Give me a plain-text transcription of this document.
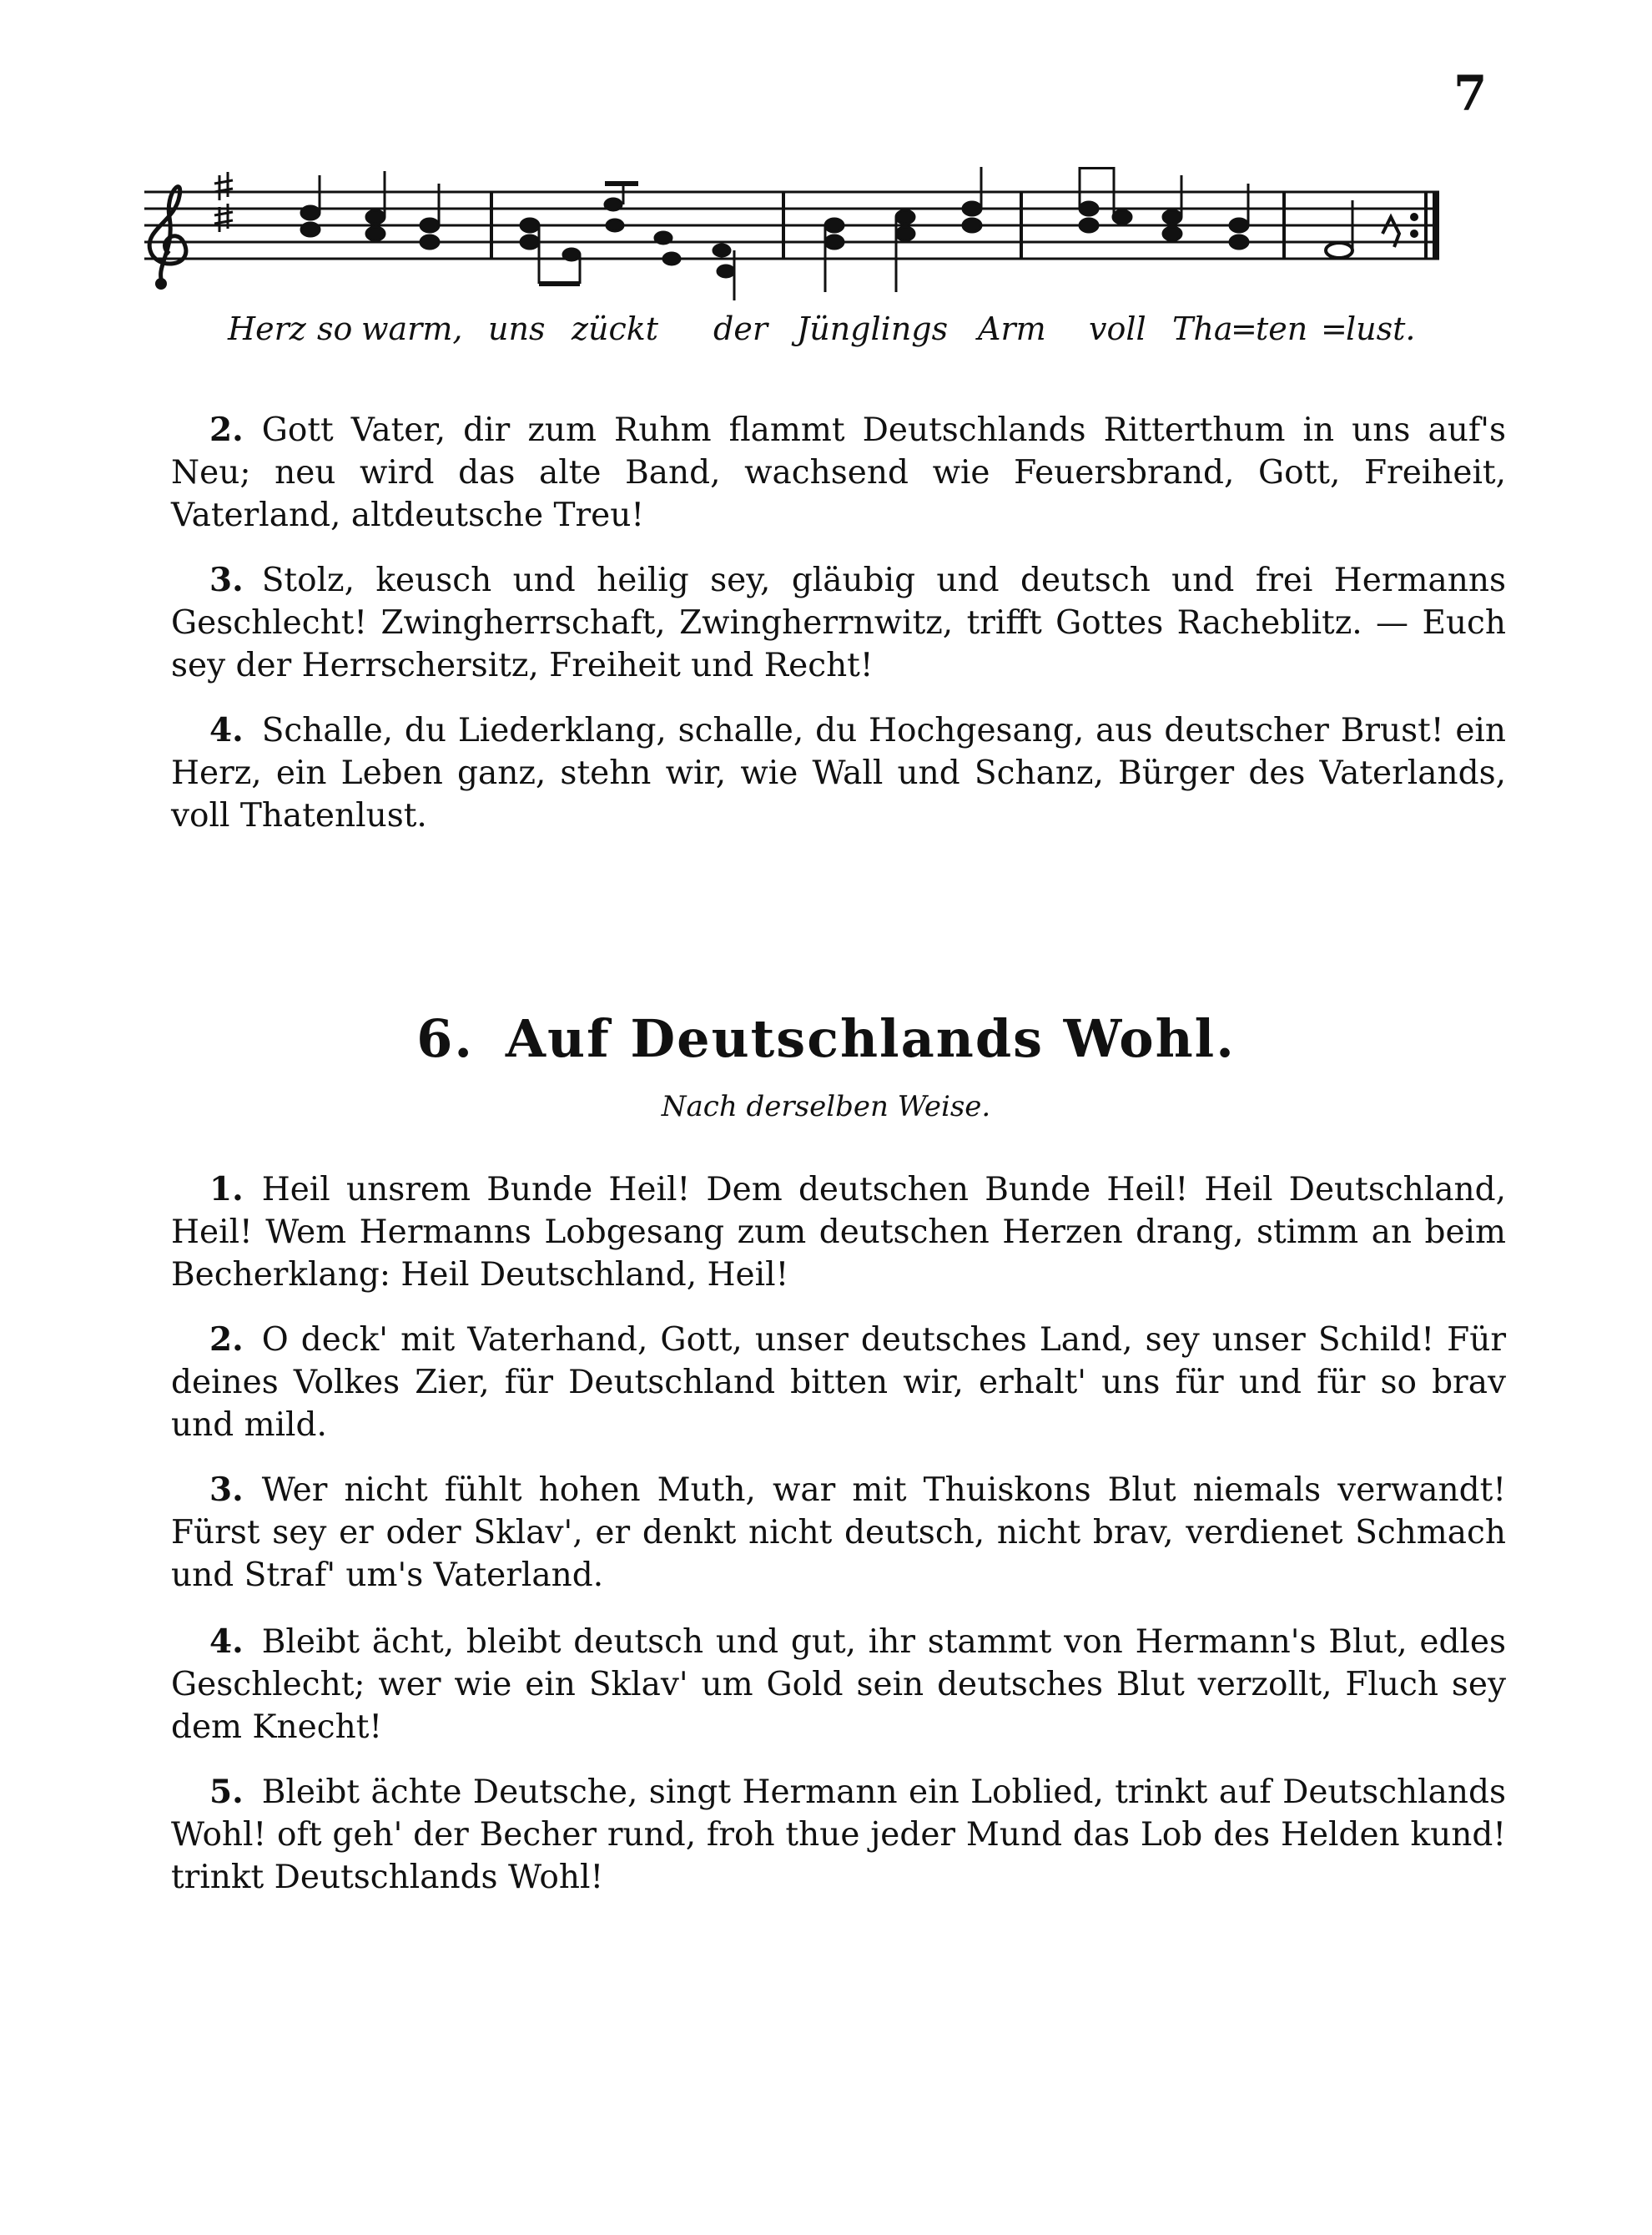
7
Herz so warm, uns zückt der Jünglings Arm voll Tha
=
ten =
lust.
2. Gott Vater, dir zum Ruhm flammt Deutschlands Ritterthum in uns auf's Neu; neu wird das alte Band, wachsend wie Feuersbrand, Gott, Freiheit, Vaterland, altdeutsche Treu!
3. Stolz, keusch und heilig sey, gläubig und deutsch und frei Hermanns Geschlecht! Zwingherrschaft, Zwingherrnwitz, trifft Gottes Racheblitz. — Euch sey der Herrschersitz, Freiheit und Recht!
4. Schalle, du Liederklang, schalle, du Hochgesang, aus deutscher Brust! ein Herz, ein Leben ganz, stehn wir, wie Wall und Schanz, Bürger des Vaterlands, voll Thatenlust.
6. Auf Deutschlands Wohl.
Nach derselben Weise.
1. Heil unsrem Bunde Heil! Dem deutschen Bunde Heil! Heil Deutschland, Heil! Wem Hermanns Lobgesang zum deutschen Herzen drang, stimm an beim Becherklang: Heil Deutschland, Heil!
2. O deck' mit Vaterhand, Gott, unser deutsches Land, sey unser Schild! Für deines Volkes Zier, für Deutschland bitten wir, erhalt' uns für und für so brav und mild.
3. Wer nicht fühlt hohen Muth, war mit Thuiskons Blut niemals verwandt! Fürst sey er oder Sklav', er denkt nicht deutsch, nicht brav, verdienet Schmach und Straf' um's Vaterland.
4. Bleibt ächt, bleibt deutsch und gut, ihr stammt von Hermann's Blut, edles Geschlecht; wer wie ein Sklav' um Gold sein deutsches Blut verzollt, Fluch sey dem Knecht!
5. Bleibt ächte Deutsche, singt Hermann ein Loblied, trinkt auf Deutschlands Wohl! oft geh' der Becher rund, froh thue jeder Mund das Lob des Helden kund! trinkt Deutschlands Wohl!
